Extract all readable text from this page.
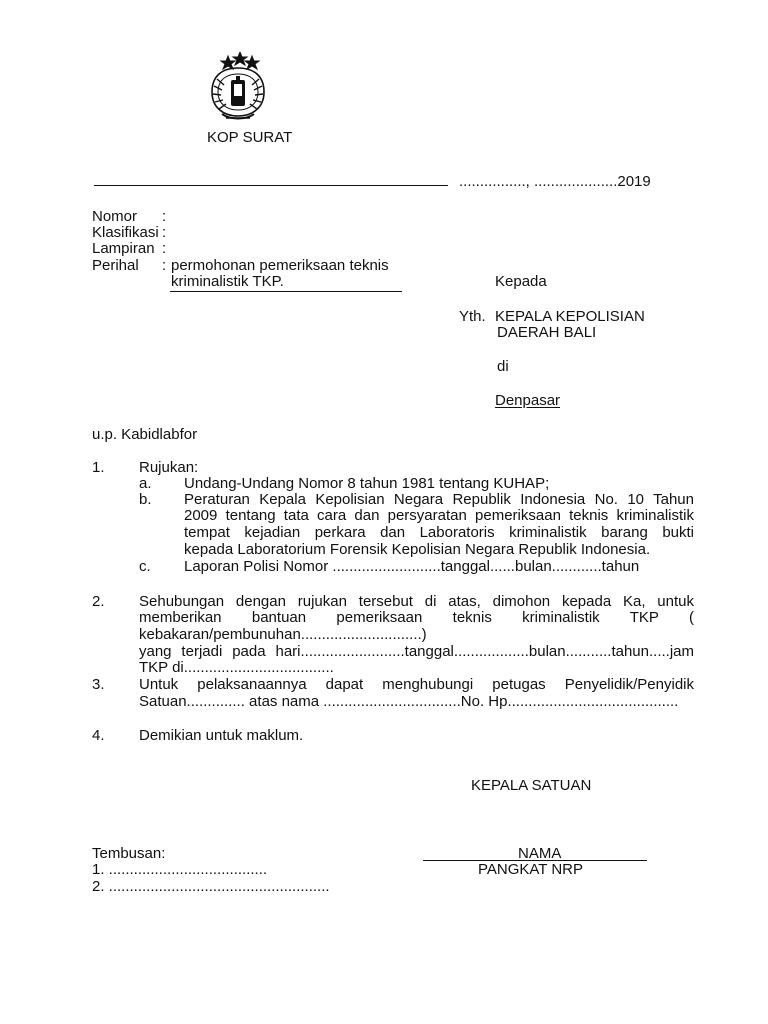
KOP SURAT
................, ....................2019
Nomor :
Klasifikasi :
Lampiran :
Perihal : permohonan pemeriksaan teknis
kriminalistik TKP.	Kepada
Yth. KEPALA KEPOLISIAN
DAERAH BALI
di
Denpasar
u.p. Kabidlabfor
1. Rujukan:
a. Undang-Undang Nomor 8 tahun 1981 tentang KUHAP;
b. Peraturan Kepala Kepolisian Negara Republik Indonesia No. 10 Tahun
2009 tentang tata cara dan persyaratan pemeriksaan teknis kriminalistik
tempat kejadian perkara dan Laboratoris kriminalistik barang bukti
kepada Laboratorium Forensik Kepolisian Negara Republik Indonesia.
c. Laporan Polisi Nomor ..........................tanggal......bulan............tahun
2. Sehubungan dengan rujukan tersebut di atas, dimohon kepada Ka, untuk
memberikan bantuan pemeriksaan teknis kriminalistik TKP (
kebakaran/pembunuhan.............................)
yang terjadi pada hari.........................tanggal..................bulan...........tahun.....jam
TKP di....................................
3. Untuk pelaksanaannya dapat menghubungi petugas Penyelidik/Penyidik
Satuan.............. atas nama .................................No. Hp.........................................
4. Demikian untuk maklum.
KEPALA SATUAN
NAMA
PANGKAT NRP
Tembusan:
1. ......................................
2. .....................................................
